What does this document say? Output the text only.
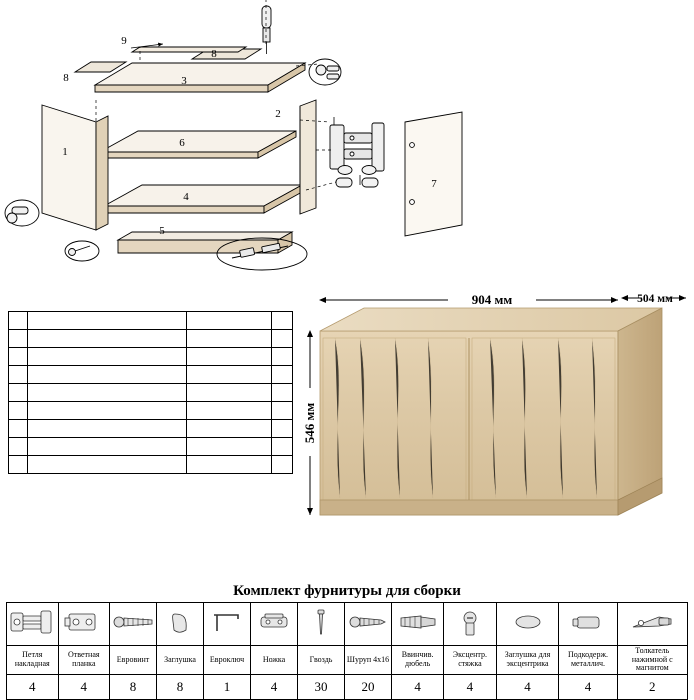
8
8
9
3
6
4
5
1
2
7

904 мм	504 мм
546 мм
Комплект фурнитуры для сборки

Петля накладная	Ответная планка	Евровинт	Заглушка	Евроключ	Ножка	Гвоздь	Шуруп 4х16	Ввинчив. дюбель	Эксцентр. стяжка	Заглушка для эксцентрика	Подкодерж. металлич.	Толкатель нажимной с магнитом
4	4	8	8	1	4	30	20	4	4	4	4	2
